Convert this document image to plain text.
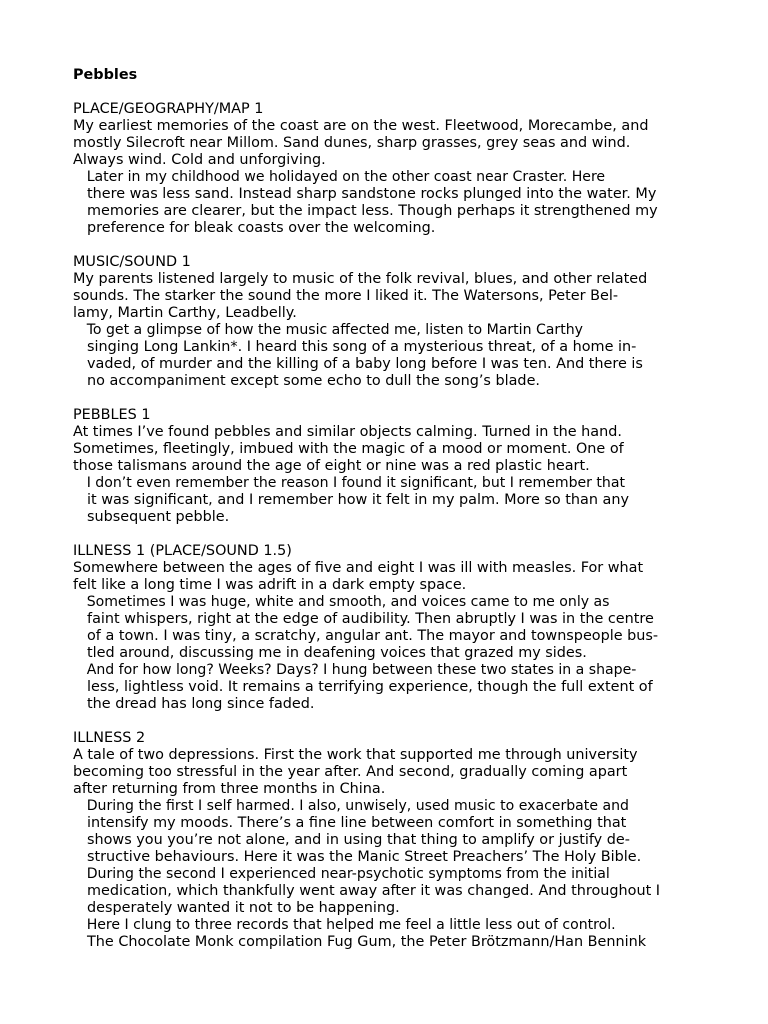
Pebbles
PLACE/GEOGRAPHY/MAP 1
My earliest memories of the coast are on the west. Fleetwood, Morecambe, and
mostly Silecroft near Millom. Sand dunes, sharp grasses, grey seas and wind.
Always wind. Cold and unforgiving.
Later in my childhood we holidayed on the other coast near Craster. Here
there was less sand. Instead sharp sandstone rocks plunged into the water. My
memories are clearer, but the impact less. Though perhaps it strengthened my
preference for bleak coasts over the welcoming.
MUSIC/SOUND 1
My parents listened largely to music of the folk revival, blues, and other related
sounds. The starker the sound the more I liked it. The Watersons, Peter Bel-
lamy, Martin Carthy, Leadbelly.
To get a glimpse of how the music affected me, listen to Martin Carthy
singing Long Lankin*. I heard this song of a mysterious threat, of a home in-
vaded, of murder and the killing of a baby long before I was ten. And there is
no accompaniment except some echo to dull the song’s blade.
PEBBLES 1
At times I’ve found pebbles and similar objects calming. Turned in the hand.
Sometimes, fleetingly, imbued with the magic of a mood or moment. One of
those talismans around the age of eight or nine was a red plastic heart.
I don’t even remember the reason I found it significant, but I remember that
it was significant, and I remember how it felt in my palm. More so than any
subsequent pebble.
ILLNESS 1 (PLACE/SOUND 1.5)
Somewhere between the ages of five and eight I was ill with measles. For what
felt like a long time I was adrift in a dark empty space.
Sometimes I was huge, white and smooth, and voices came to me only as
faint whispers, right at the edge of audibility. Then abruptly I was in the centre
of a town. I was tiny, a scratchy, angular ant. The mayor and townspeople bus-
tled around, discussing me in deafening voices that grazed my sides.
And for how long? Weeks? Days? I hung between these two states in a shape-
less, lightless void. It remains a terrifying experience, though the full extent of
the dread has long since faded.
ILLNESS 2
A tale of two depressions. First the work that supported me through university
becoming too stressful in the year after. And second, gradually coming apart
after returning from three months in China.
During the first I self harmed. I also, unwisely, used music to exacerbate and
intensify my moods. There’s a fine line between comfort in something that
shows you you’re not alone, and in using that thing to amplify or justify de-
structive behaviours. Here it was the Manic Street Preachers’ The Holy Bible.
During the second I experienced near-psychotic symptoms from the initial
medication, which thankfully went away after it was changed. And throughout I
desperately wanted it not to be happening.
Here I clung to three records that helped me feel a little less out of control.
The Chocolate Monk compilation Fug Gum, the Peter Brötzmann/Han Bennink
